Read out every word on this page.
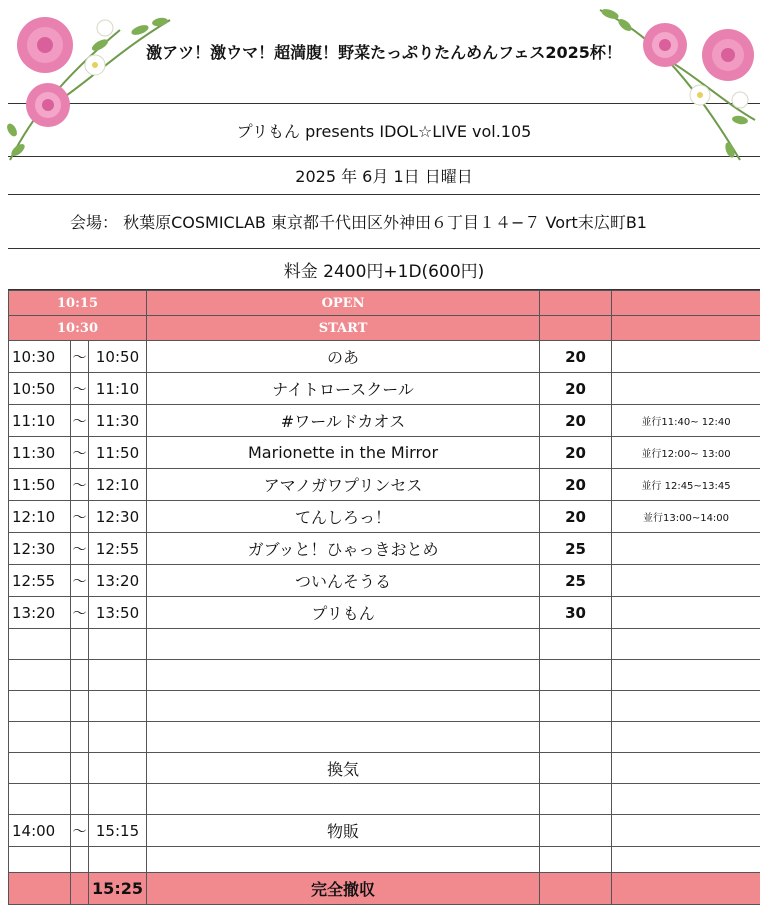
激アツ！激ウマ！超満腹！野菜たっぷりたんめんフェス2025杯！
プリもん presents IDOL☆LIVE vol.105
2025 年 6月 1日 日曜日
会場： 秋葉原COSMICLAB 東京都千代田区外神田６丁目１４−７ Vort末広町B1
料金 2400円+1D(600円)
10:15			OPEN		
10:30			START		
10:30	〜	10:50	のあ	20	
10:50	〜	11:10	ナイトロースクール	20	
11:10	〜	11:30	#ワールドカオス	20	並行11:40~ 12:40
11:30	〜	11:50	Marionette in the Mirror	20	並行12:00~ 13:00
11:50	〜	12:10	アマノガワプリンセス	20	並行 12:45~13:45
12:10	〜	12:30	てんしろっ！	20	並行13:00~14:00
12:30	〜	12:55	ガブッと！ひゃっきおとめ	25	
12:55	〜	13:20	ついんそうる	25	
13:20	〜	13:50	プリもん	30	

			換気		

14:00	〜	15:15	物販		

		15:25	完全撤収		
